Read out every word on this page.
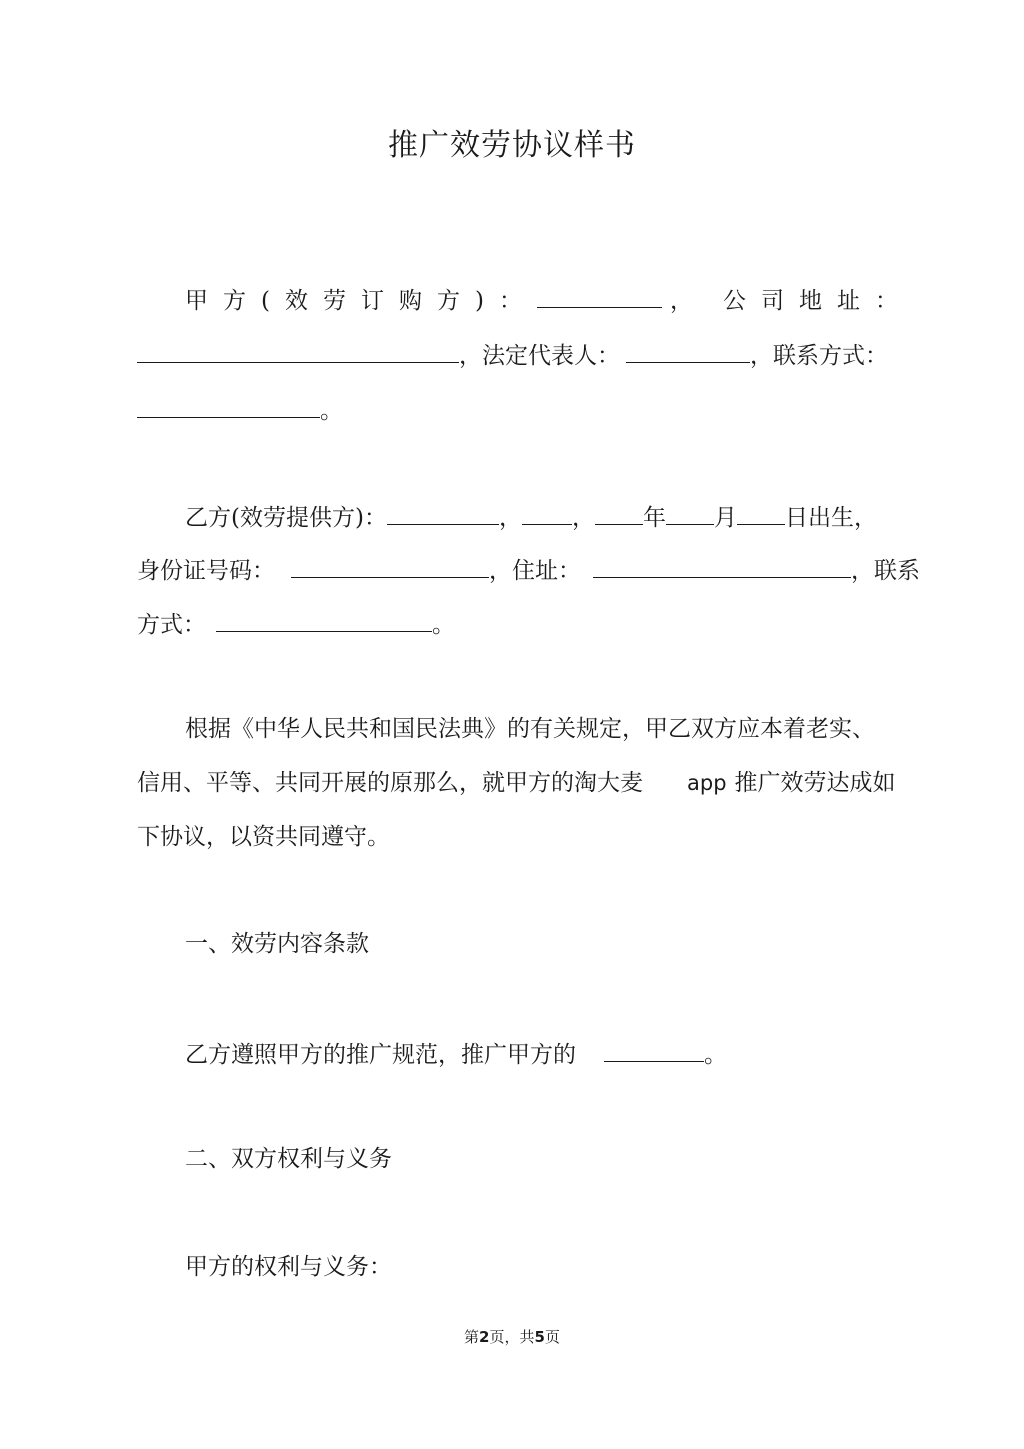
推广效劳协议样书
甲方(效劳订购方)：	， 公司地址：
，法定代表人：	，联系方式：
。
乙方(效劳提供方)：	， ， 年 月 日出生，
身份证号码：	，住址：	，联系
方式：	。
根据《中华人民共和国民法典》的有关规定，甲乙双方应本着老实、
信用、平等、共同开展的原那么，就甲方的淘大麦 app 推广效劳达成如
下协议，以资共同遵守。
一、效劳内容条款
乙方遵照甲方的推广规范，推广甲方的	。
二、双方权利与义务
甲方的权利与义务：
第2页，共5页
